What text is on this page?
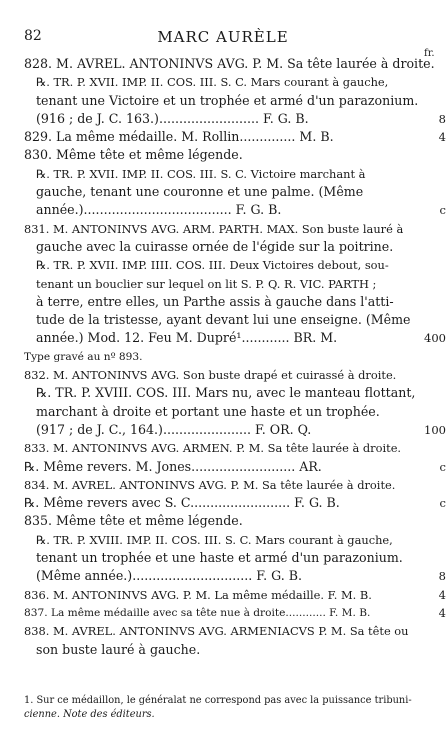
82	MARC AURÈLE
fr.
828. M. AVREL. ANTONINVS AVG. P. M. Sa tête laurée à droite.
℞. TR. P. XVII. IMP. II. COS. III. S. C. Mars courant à gauche,
tenant une Victoire et un trophée et armé d'un parazonium.
(916 ; de J. C. 163.)......................... F. G. B.	8
829. La même médaille. M. Rollin.............. M. B.	4
830. Même tête et même légende.
℞. TR. P. XVII. IMP. II. COS. III. S. C. Victoire marchant à
gauche, tenant une couronne et une palme. (Même
année.)..................................... F. G. B.	c
831. M. ANTONINVS AVG. ARM. PARTH. MAX. Son buste lauré à
gauche avec la cuirasse ornée de l'égide sur la poitrine.
℞. TR. P. XVII. IMP. IIII. COS. III. Deux Victoires debout, sou-
tenant un bouclier sur lequel on lit S. P. Q. R. VIC. PARTH ;
à terre, entre elles, un Parthe assis à gauche dans l'atti-
tude de la tristesse, ayant devant lui une enseigne. (Même
année.) Mod. 12. Feu M. Dupré¹............ BR. M.	400
Type gravé au nº 893.
832. M. ANTONINVS AVG. Son buste drapé et cuirassé à droite.
℞. TR. P. XVIII. COS. III. Mars nu, avec le manteau flottant,
marchant à droite et portant une haste et un trophée.
(917 ; de J. C., 164.)...................... F. OR. Q.	100
833. M. ANTONINVS AVG. ARMEN. P. M. Sa tête laurée à droite.
℞. Même revers. M. Jones.......................... AR.	c
834. M. AVREL. ANTONINVS AVG. P. M. Sa tête laurée à droite.
℞. Même revers avec S. C......................... F. G. B.	c
835. Même tête et même légende.
℞. TR. P. XVIII. IMP. II. COS. III. S. C. Mars courant à gauche,
tenant un trophée et une haste et armé d'un parazonium.
(Même année.).............................. F. G. B.	8
836. M. ANTONINVS AVG. P. M. La même médaille. F. M. B.	4
837. La même médaille avec sa tête nue à droite............ F. M. B.	4
838. M. AVREL. ANTONINVS AVG. ARMENIACVS P. M. Sa tête ou
son buste lauré à gauche.
1. Sur ce médaillon, le généralat ne correspond pas avec la puissance tribuni-
cienne. Note des éditeurs.
